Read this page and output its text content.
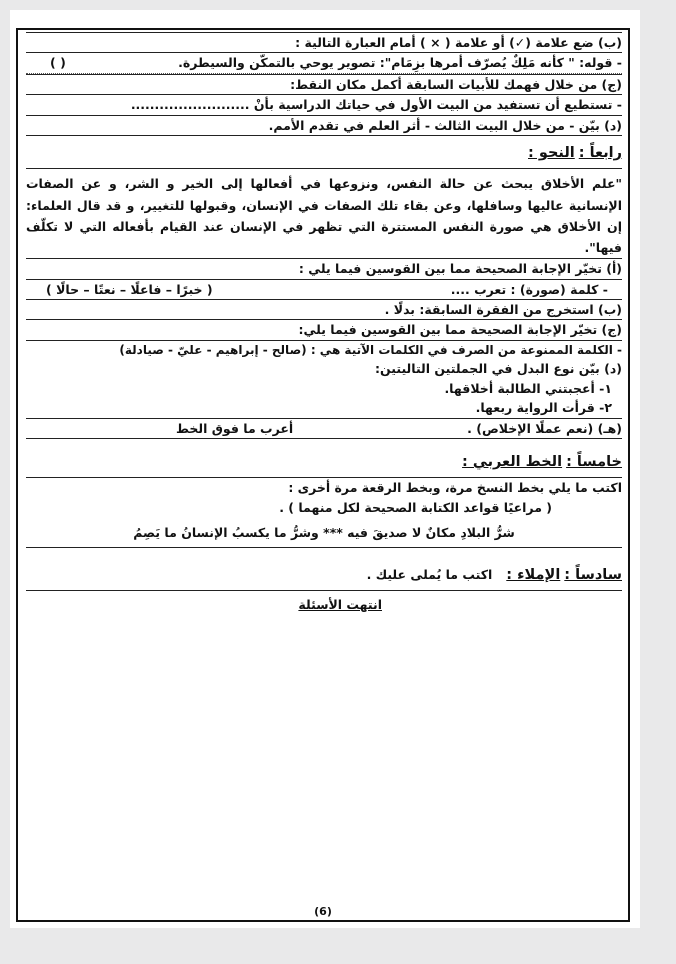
(ب) ضع علامة (✓) أو علامة ( × ) أمام العبارة التالية :
- قوله: " كأنه مَلِكٌ يُصرّف أمرها بزِمَام": تصوير يوحي بالتمكّن والسيطرة.
( )
(ج) من خلال فهمك للأبيات السابقة أكمل مكان النقط:
- تستطيع أن تستفيد من البيت الأول في حياتك الدراسية بأنْ .........................
(د) بيّن - من خلال البيت الثالث - أثر العلم في تقدم الأمم.
رابعاً :
النحو :
"علم الأخلاق يبحث عن حالة النفس، ونزوعها في أفعالها إلى الخير و الشر، و عن الصفات الإنسانية عاليها وسافلها، وعن بقاء تلك الصفات في الإنسان، وقبولها للتغيير، و قد قال العلماء: إن الأخلاق هي صورة النفس المستترة التي تظهر في الإنسان عند القيام بأفعاله التي لا تكلّف فيها".
(أ) تخيّر الإجابة الصحيحة مما بين القوسين فيما يلي :
- كلمة (صورة) : تعرب ....
( خبرًا – فاعلًا – نعتًا – حالًا )
(ب) استخرج من الفقرة السابقة: بدلًا .
(ج) تخيّر الإجابة الصحيحة مما بين القوسين فيما يلي:
- الكلمة الممنوعة من الصرف في الكلمات الآتية هي : (صالح - إبراهيم - عليّ - صيادلة)
(د) بيّن نوع البدل في الجملتين التاليتين:
١- أعجبتني الطالبة أخلاقها.
٢- قرأت الرواية ربعها.
(هـ) (نعم عملًا الإخلاص) .
أعرب ما فوق الخط
خامساً :
الخط العربي :
اكتب ما يلي بخط النسخ مرة، وبخط الرقعة مرة أخرى :
( مراعيًا قواعد الكتابة الصحيحة لكل منهما ) .
شرُّ البلادِ مكانٌ لا صديقَ فيه *** وشرُّ ما يكسبُ الإنسانُ ما يَصِمُ
سادساً :
الإملاء :
اكتب ما يُملى عليك .
انتهت الأسئلة
(6)
